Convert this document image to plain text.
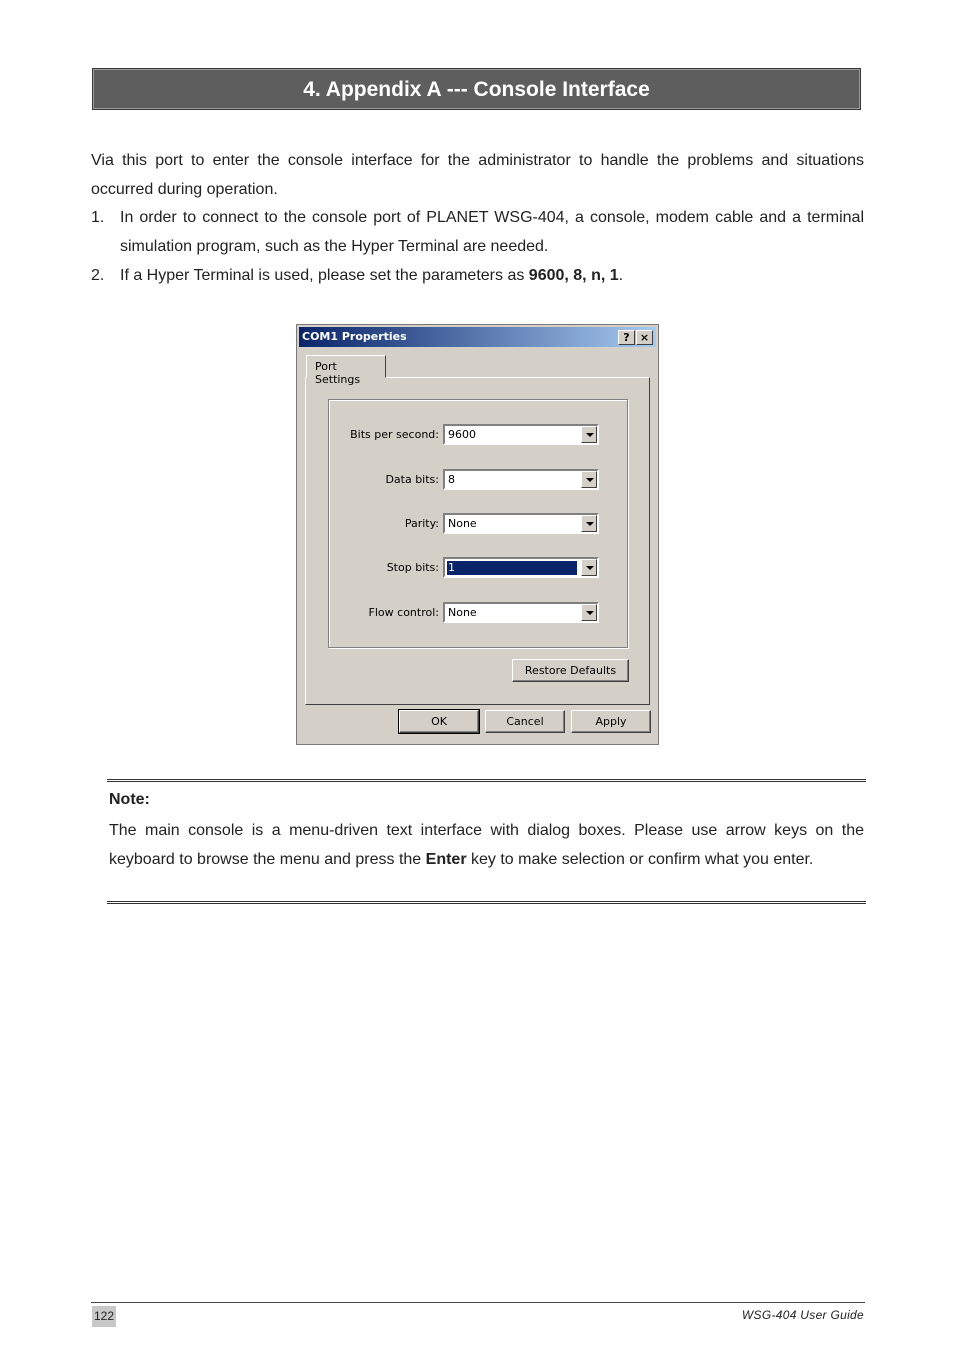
4. Appendix A --- Console Interface

Via this port to enter the console interface for the administrator to handle the problems and situations occurred during operation.

1. In order to connect to the console port of PLANET WSG-404, a console, modem cable and a terminal simulation program, such as the Hyper Terminal are needed.
2. If a Hyper Terminal is used, please set the parameters as 9600, 8, n, 1.
COM1 Properties	? ×
Port Settings
Bits per second: 9600
Data bits: 8
Parity: None
Stop bits: 1
Flow control: None
Restore Defaults
OK	Cancel	Apply
Note:
The main console is a menu-driven text interface with dialog boxes. Please use arrow keys on the keyboard to browse the menu and press the Enter key to make selection or confirm what you enter.
122	WSG-404 User Guide
